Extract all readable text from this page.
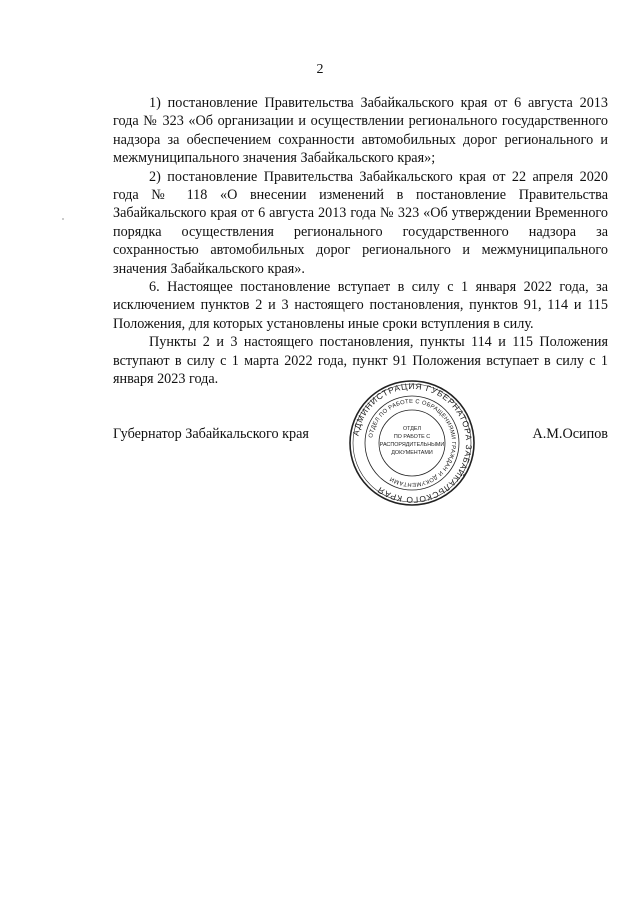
2

1) постановление Правительства Забайкальского края от 6 августа 2013 года № 323 «Об организации и осуществлении регионального государственного надзора за обеспечением сохранности автомобильных дорог регионального и межмуниципального значения Забайкальского края»;

2) постановление Правительства Забайкальского края от 22 апреля 2020 года № 118 «О внесении изменений в постановление Правительства Забайкальского края от 6 августа 2013 года № 323 «Об утверждении Временного порядка осуществления регионального государственного надзора за сохранностью автомобильных дорог регионального и межмуниципального значения Забайкальского края».

6. Настоящее постановление вступает в силу с 1 января 2022 года, за исключением пунктов 2 и 3 настоящего постановления, пунктов 91, 114 и 115 Положения, для которых установлены иные сроки вступления в силу.

Пункты 2 и 3 настоящего постановления, пункты 114 и 115 Положения вступают в силу с 1 марта 2022 года, пункт 91 Положения вступает в силу с 1 января 2023 года.

Губернатор Забайкальского края	А.М.Осипов
АДМИНИСТРАЦИЯ ГУБЕРНАТОРА ЗАБАЙКАЛЬСКОГО КРАЯ
ОТДЕЛ ПО РАБОТЕ С ОБРАЩЕНИЯМИ ГРАЖДАН И ДОКУМЕНТАМИ
ОТДЕЛ
ПО РАБОТЕ С
РАСПОРЯДИТЕЛЬНЫМИ
ДОКУМЕНТАМИ
